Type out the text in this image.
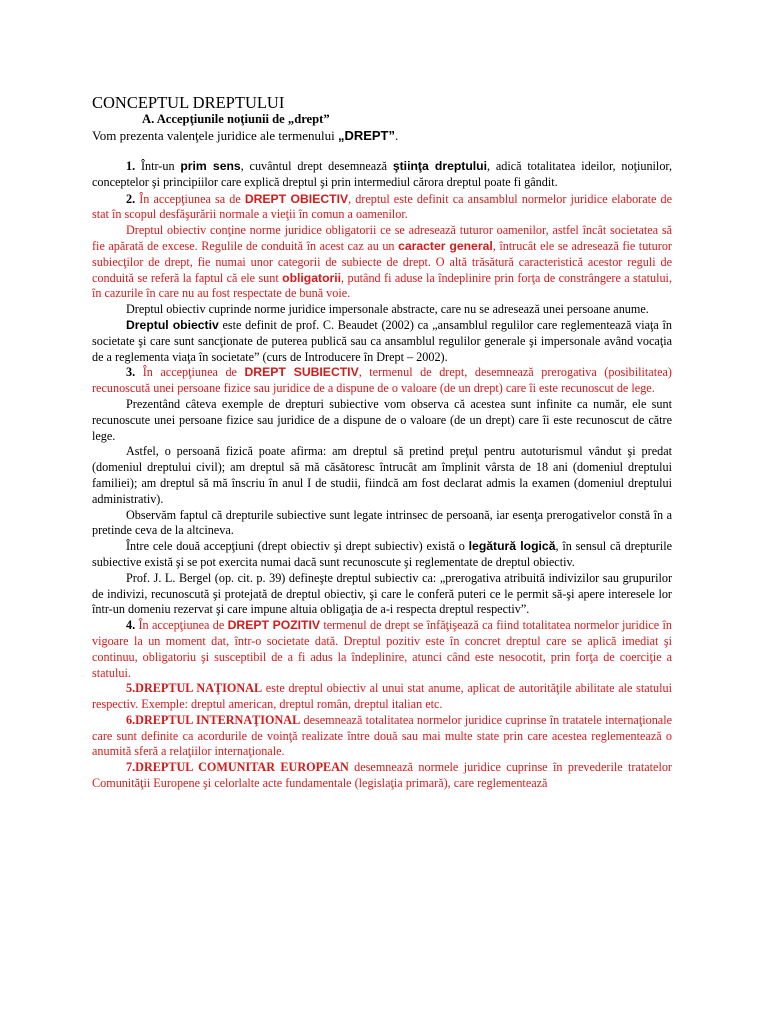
CONCEPTUL DREPTULUI
A. Accepţiunile noţiunii de „drept”

Vom prezenta valenţele juridice ale termenului „DREPT”.

1. Într-un prim sens, cuvântul drept desemnează ştiinţa dreptului, adică totalitatea ideilor, noţiunilor, conceptelor şi principiilor care explică dreptul şi prin intermediul cărora dreptul poate fi gândit.

2. În accepţiunea sa de DREPT OBIECTIV, dreptul este definit ca ansamblul normelor juridice elaborate de stat în scopul desfăşurării normale a vieţii în comun a oamenilor.

Dreptul obiectiv conţine norme juridice obligatorii ce se adresează tuturor oamenilor, astfel încât societatea să fie apărată de excese. Regulile de conduită în acest caz au un caracter general, întrucât ele se adresează fie tuturor subiecţilor de drept, fie numai unor categorii de subiecte de drept. O altă trăsătură caracteristică acestor reguli de conduită se referă la faptul că ele sunt obligatorii, putând fi aduse la îndeplinire prin forţa de constrângere a statului, în cazurile în care nu au fost respectate de bună voie.

Dreptul obiectiv cuprinde norme juridice impersonale abstracte, care nu se adresează unei persoane anume.

Dreptul obiectiv este definit de prof. C. Beaudet (2002) ca „ansamblul regulilor care reglementează viaţa în societate şi care sunt sancţionate de puterea publică sau ca ansamblul regulilor generale şi impersonale având vocaţia de a reglementa viaţa în societate” (curs de Introducere în Drept – 2002).

3. În accepţiunea de DREPT SUBIECTIV, termenul de drept, desemnează prerogativa (posibilitatea) recunoscută unei persoane fizice sau juridice de a dispune de o valoare (de un drept) care îi este recunoscut de lege.

Prezentând câteva exemple de drepturi subiective vom observa că acestea sunt infinite ca număr, ele sunt recunoscute unei persoane fizice sau juridice de a dispune de o valoare (de un drept) care îi este recunoscut de către lege.

Astfel, o persoană fizică poate afirma: am dreptul să pretind preţul pentru autoturismul vândut şi predat (domeniul dreptului civil); am dreptul să mă căsătoresc întrucât am împlinit vârsta de 18 ani (domeniul dreptului familiei); am dreptul să mă înscriu în anul I de studii, fiindcă am fost declarat admis la examen (domeniul dreptului administrativ).

Observăm faptul că drepturile subiective sunt legate intrinsec de persoană, iar esenţa prerogativelor constă în a pretinde ceva de la altcineva.

Între cele două accepţiuni (drept obiectiv şi drept subiectiv) există o legătură logică, în sensul că drepturile subiective există şi se pot exercita numai dacă sunt recunoscute şi reglementate de dreptul obiectiv.

Prof. J. L. Bergel (op. cit. p. 39) defineşte dreptul subiectiv ca: „prerogativa atribuită indivizilor sau grupurilor de indivizi, recunoscută şi protejată de dreptul obiectiv, şi care le conferă puteri ce le permit să-şi apere interesele lor într-un domeniu rezervat şi care impune altuia obligaţia de a-i respecta dreptul respectiv”.

4. În accepţiunea de DREPT POZITIV termenul de drept se înfăţişează ca fiind totalitatea normelor juridice în vigoare la un moment dat, într-o societate dată. Dreptul pozitiv este în concret dreptul care se aplică imediat şi continuu, obligatoriu şi susceptibil de a fi adus la îndeplinire, atunci când este nesocotit, prin forţa de coerciţie a statului.

5.DREPTUL NAŢIONAL este dreptul obiectiv al unui stat anume, aplicat de autorităţile abilitate ale statului respectiv. Exemple: dreptul american, dreptul român, dreptul italian etc.

6.DREPTUL INTERNAŢIONAL desemnează totalitatea normelor juridice cuprinse în tratatele internaţionale care sunt definite ca acordurile de voinţă realizate între două sau mai multe state prin care acestea reglementează o anumită sferă a relaţiilor internaţionale.

7.DREPTUL COMUNITAR EUROPEAN desemnează normele juridice cuprinse în prevederile tratatelor Comunităţii Europene şi celorlalte acte fundamentale (legislaţia primară), care reglementează
